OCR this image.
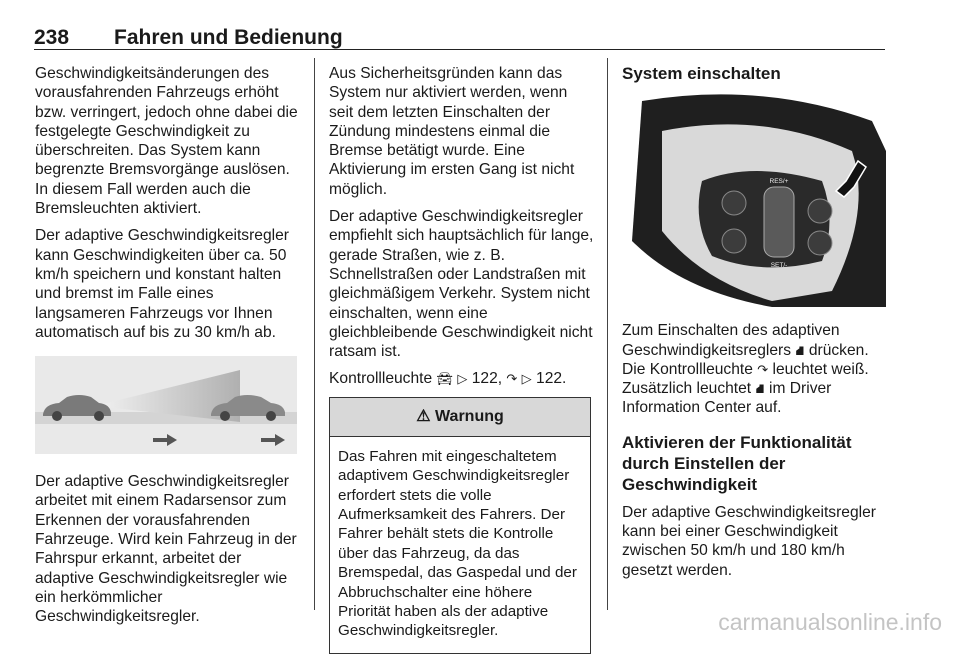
238 Fahren und Bedienung

Geschwindigkeitsänderungen des vorausfahrenden Fahrzeugs erhöht bzw. verringert, jedoch ohne dabei die festgelegte Geschwindigkeit zu überschreiten. Das System kann begrenzte Bremsvorgänge auslösen. In diesem Fall werden auch die Bremsleuchten aktiviert.

Der adaptive Geschwindigkeitsregler kann Geschwindigkeiten über ca. 50 km/h speichern und konstant halten und bremst im Falle eines langsameren Fahrzeugs vor Ihnen automatisch auf bis zu 30 km/h ab.

Der adaptive Geschwindigkeitsregler arbeitet mit einem Radarsensor zum Erkennen der vorausfahrenden Fahrzeuge. Wird kein Fahrzeug in der Fahrspur erkannt, arbeitet der adaptive Geschwindigkeitsregler wie ein herkömmlicher Geschwindigkeitsregler.

Aus Sicherheitsgründen kann das System nur aktiviert werden, wenn seit dem letzten Einschalten der Zündung mindestens einmal die Bremse betätigt wurde. Eine Aktivierung im ersten Gang ist nicht möglich.

Der adaptive Geschwindigkeitsregler empfiehlt sich hauptsächlich für lange, gerade Straßen, wie z. B. Schnellstraßen oder Landstraßen mit gleichmäßigem Verkehr. System nicht einschalten, wenn eine gleichbleibende Geschwindigkeit nicht ratsam ist.

Kontrollleuchte 🚘︎ ▷ 122, ↷ ▷ 122.

⚠ Warnung
Das Fahren mit eingeschaltetem adaptivem Geschwindigkeitsregler erfordert stets die volle Aufmerksamkeit des Fahrers. Der Fahrer behält stets die Kontrolle über das Fahrzeug, da das Bremspedal, das Gaspedal und der Abbruchschalter eine höhere Priorität haben als der adaptive Geschwindigkeitsregler.
System einschalten
RES/+
SET/-

Zum Einschalten des adaptiven Geschwindigkeitsreglers ⛘ drücken. Die Kontrollleuchte ↷ leuchtet weiß. Zusätzlich leuchtet ⛘ im Driver Information Center auf.

Aktivieren der Funktionalität durch Einstellen der Geschwindigkeit

Der adaptive Geschwindigkeitsregler kann bei einer Geschwindigkeit zwischen 50 km/h und 180 km/h gesetzt werden.

carmanualsonline.info
